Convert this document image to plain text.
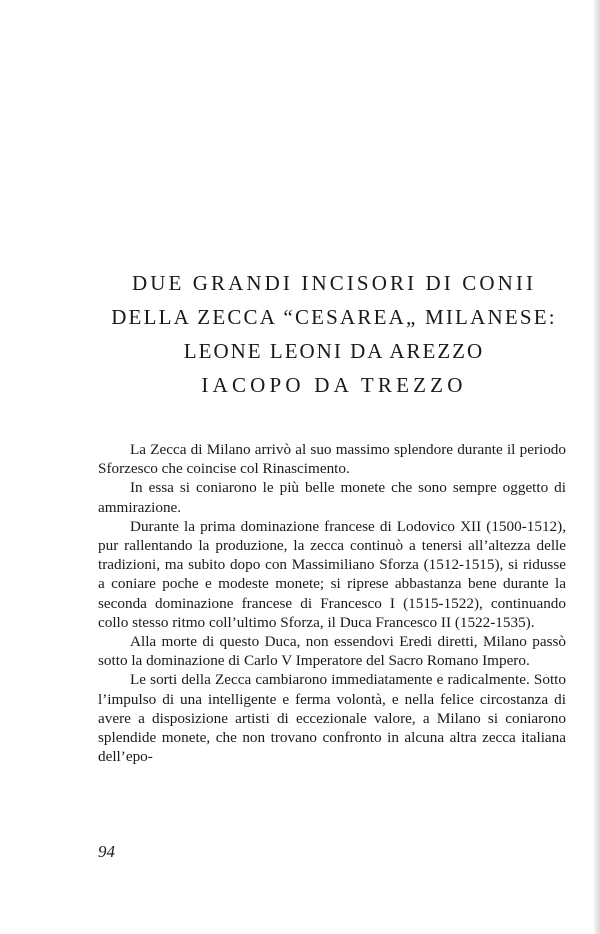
DUE GRANDI INCISORI DI CONII

DELLA ZECCA “CESAREA„ MILANESE:

LEONE LEONI DA AREZZO

IACOPO DA TREZZO

La Zecca di Milano arrivò al suo massimo splendore durante il periodo Sforzesco che coincise col Rinascimento.

In essa si coniarono le più belle monete che sono sempre oggetto di ammirazione.

Durante la prima dominazione francese di Lodovico XII (1500-1512), pur rallentando la produzione, la zecca continuò a tenersi all’altezza delle tradizioni, ma subito dopo con Massimiliano Sforza (1512-1515), si ridusse a coniare poche e modeste monete; si riprese abbastanza bene durante la seconda dominazione francese di Francesco I (1515-1522), continuando collo stesso ritmo coll’ultimo Sforza, il Duca Francesco II (1522-1535).

Alla morte di questo Duca, non essendovi Eredi diretti, Milano passò sotto la dominazione di Carlo V Imperatore del Sacro Romano Impero.

Le sorti della Zecca cambiarono immediatamente e radicalmente. Sotto l’impulso di una intelligente e ferma volontà, e nella felice circostanza di avere a disposizione artisti di eccezionale valore, a Milano si coniarono splendide monete, che non trovano confronto in alcuna altra zecca italiana dell’epo-

94
